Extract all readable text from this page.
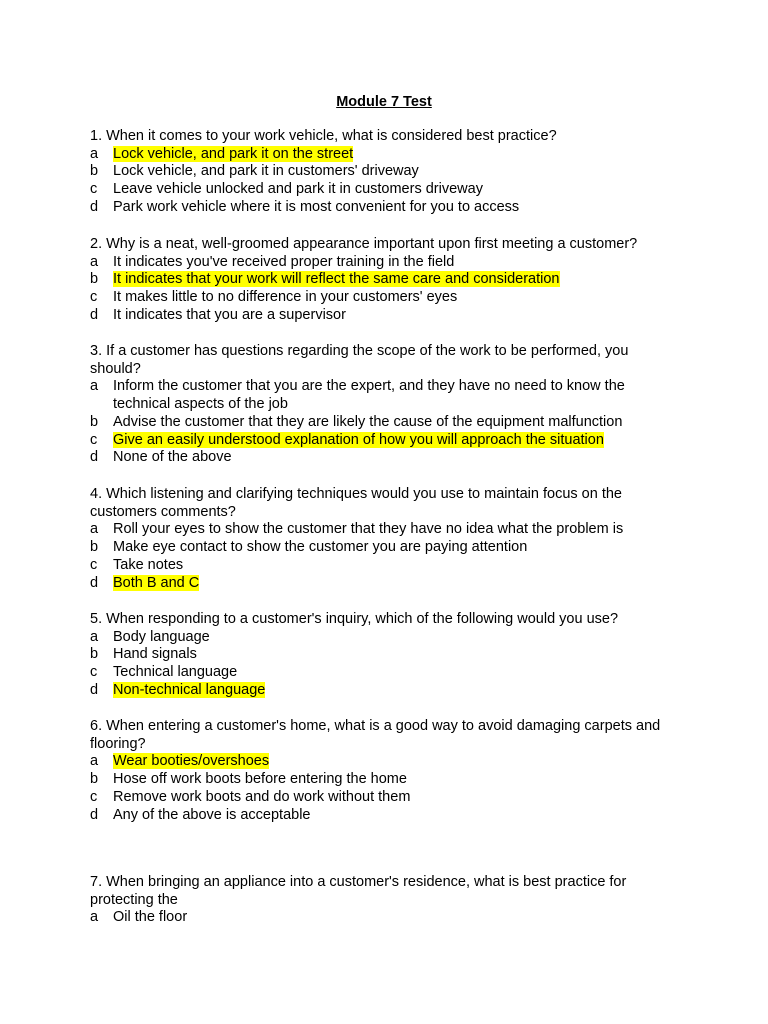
Module 7 Test
1. When it comes to your work vehicle, what is considered best practice?
a	Lock vehicle, and park it on the street
b	Lock vehicle, and park it in customers' driveway
c	Leave vehicle unlocked and park it in customers driveway
d	Park work vehicle where it is most convenient for you to access
2. Why is a neat, well-groomed appearance important upon first meeting a customer?
a	It indicates you've received proper training in the field
b	It indicates that your work will reflect the same care and consideration
c	It makes little to no difference in your customers' eyes
d	It indicates that you are a supervisor
3. If a customer has questions regarding the scope of the work to be performed, you should?
a	Inform the customer that you are the expert, and they have no need to know the technical aspects of the job
b	Advise the customer that they are likely the cause of the equipment malfunction
c	Give an easily understood explanation of how you will approach the situation
d	None of the above
4. Which listening and clarifying techniques would you use to maintain focus on the customers comments?
a	Roll your eyes to show the customer that they have no idea what the problem is
b	Make eye contact to show the customer you are paying attention
c	Take notes
d	Both B and C
5. When responding to a customer's inquiry, which of the following would you use?
a	Body language
b	Hand signals
c	Technical language
d	Non-technical language
6. When entering a customer's home, what is a good way to avoid damaging carpets and flooring?
a	Wear booties/overshoes
b	Hose off work boots before entering the home
c	Remove work boots and do work without them
d	Any of the above is acceptable
7. When bringing an appliance into a customer's residence, what is best practice for protecting the
a	Oil the floor
